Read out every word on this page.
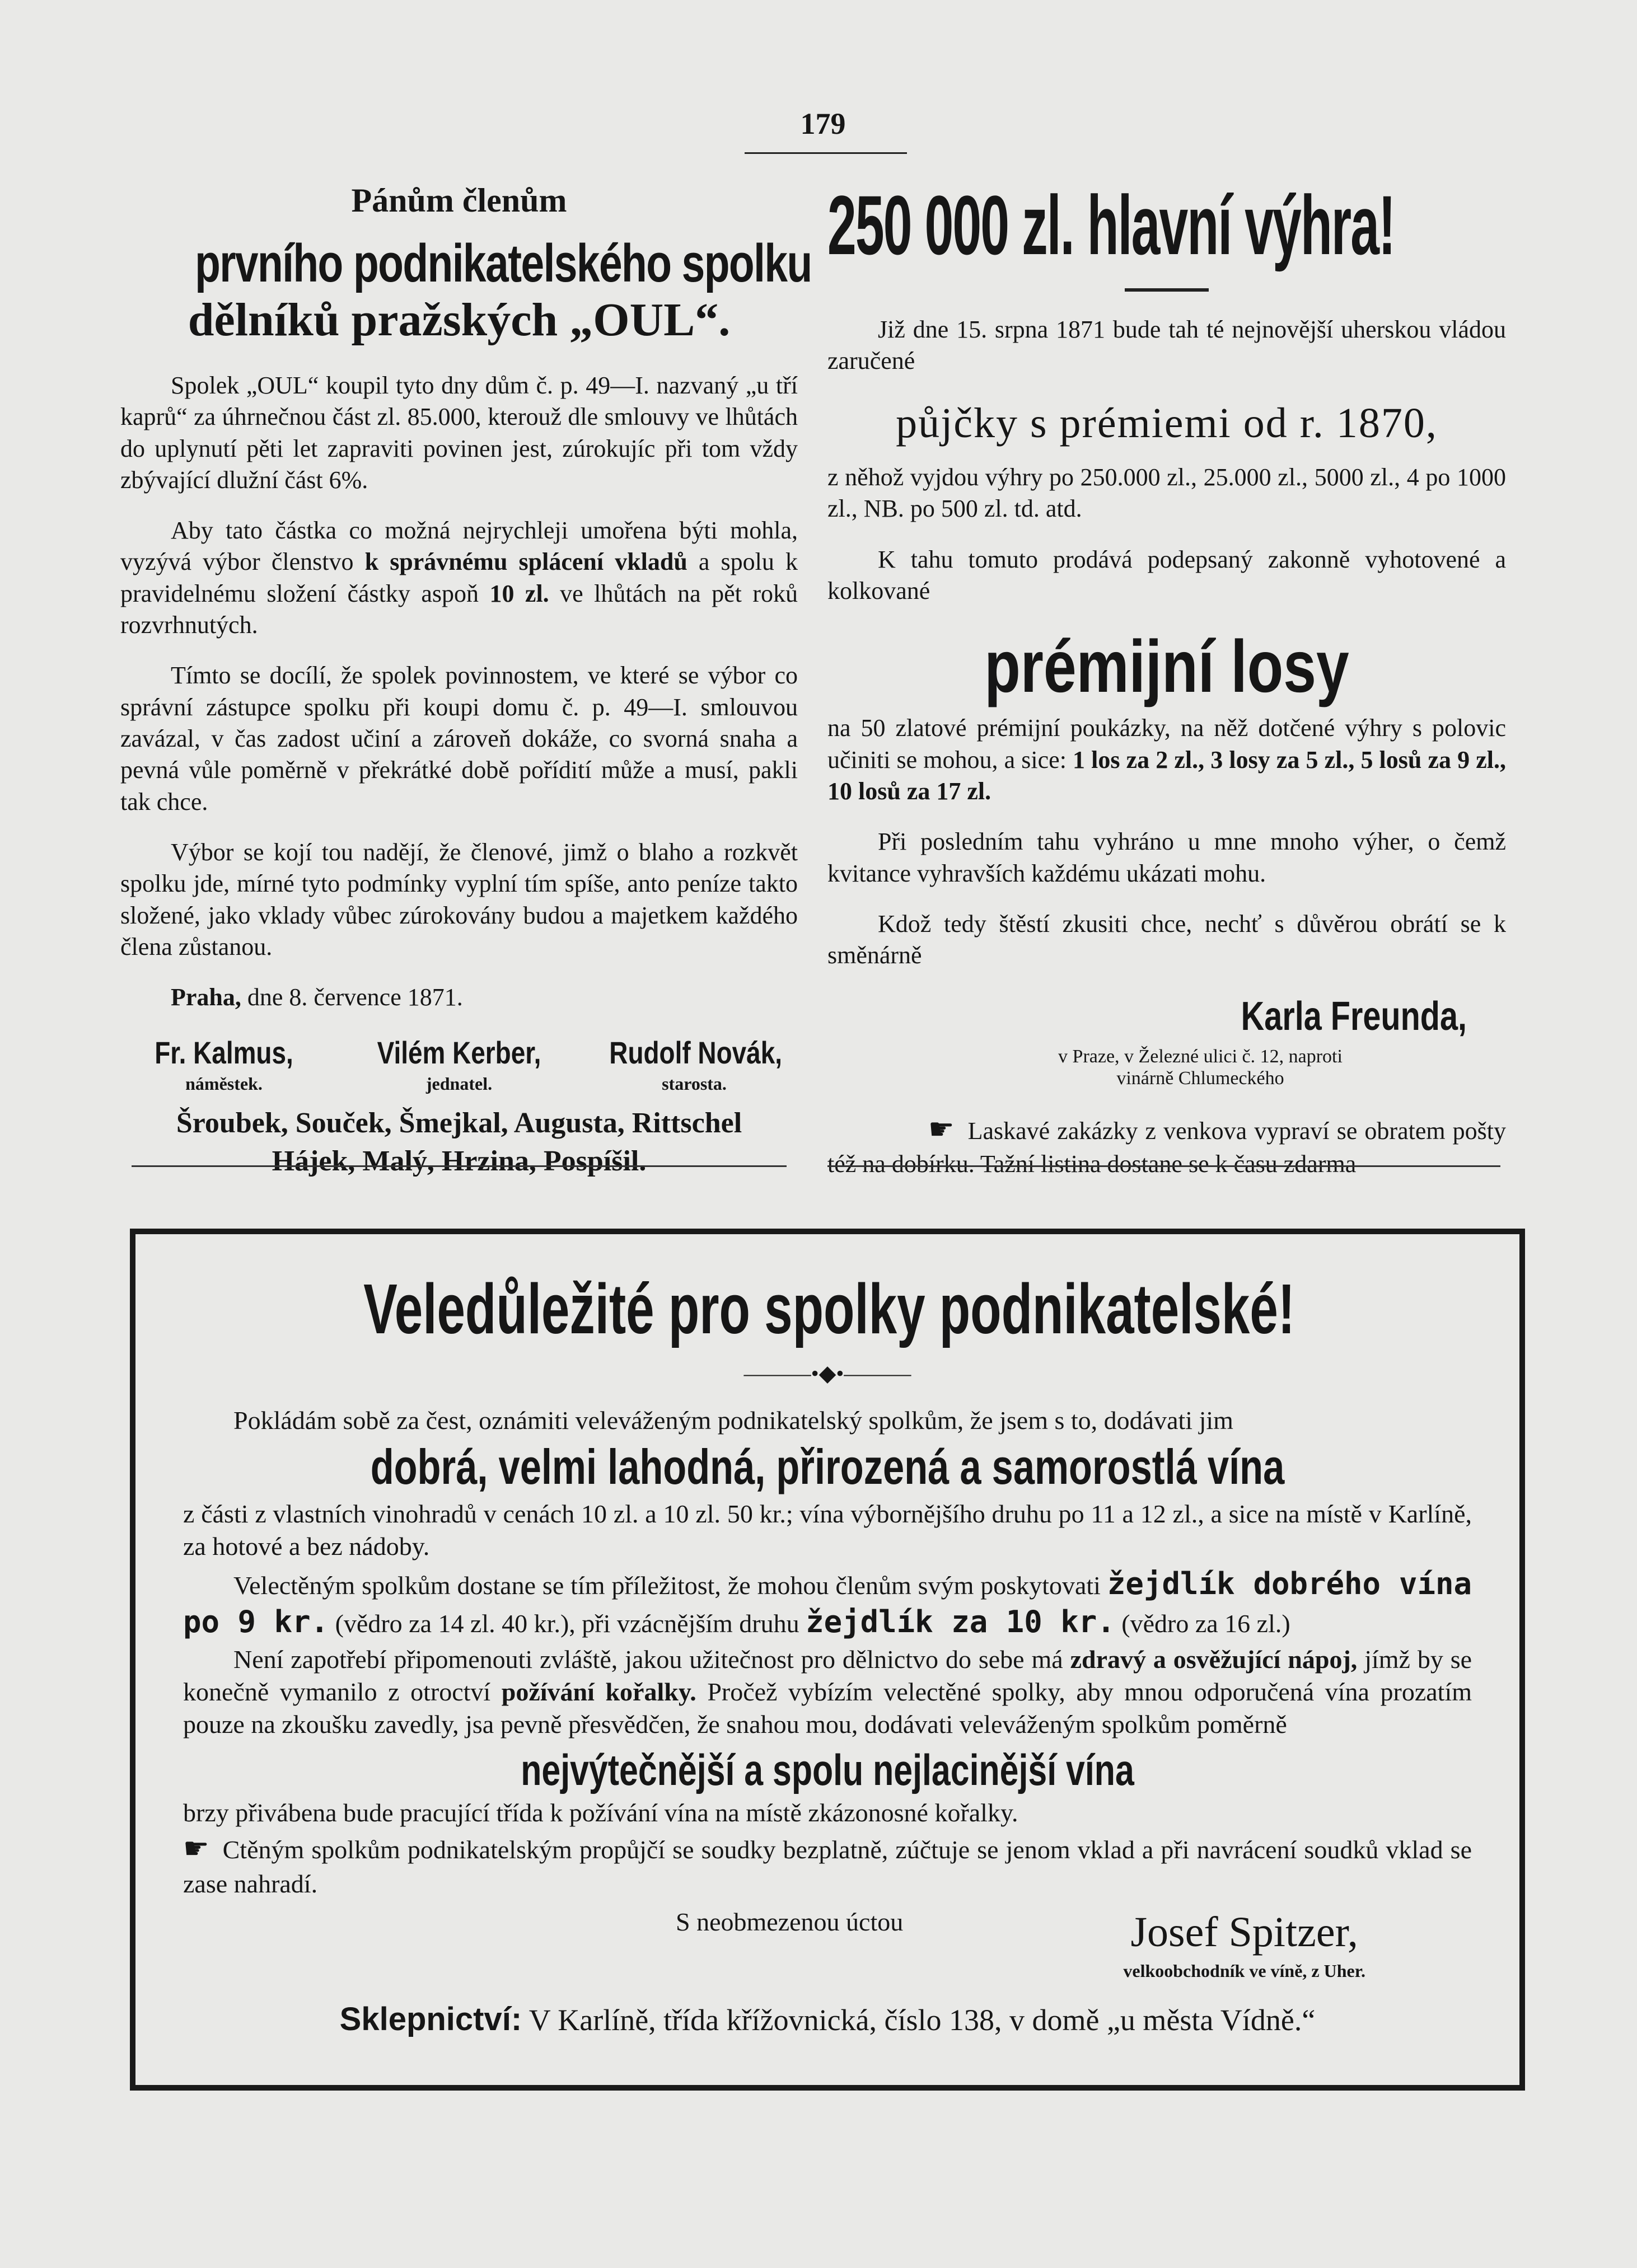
179
Pánům členům
prvního podnikatelského spolku
dělníků pražských „OUL“.

Spolek „OUL“ koupil tyto dny dům č. p. 49—I. nazvaný „u tří kaprů“ za úhrnečnou část zl. 85.000, kterouž dle smlouvy ve lhůtách do uplynutí pěti let zapraviti povinen jest, zúrokujíc při tom vždy zbývající dlužní část 6%.

Aby tato částka co možná nejrychleji umořena býti mohla, vyzývá výbor členstvo k správnému splácení vkladů a spolu k pravidelnému složení částky aspoň 10 zl. ve lhůtách na pět roků rozvrhnutých.

Tímto se docílí, že spolek povinnostem, ve které se výbor co správní zástupce spolku při koupi domu č. p. 49—I. smlouvou zavázal, v čas zadost učiní a zároveň dokáže, co svorná snaha a pevná vůle poměrně v překrátké době pořídití může a musí, pakli tak chce.

Výbor se kojí tou nadějí, že členové, jimž o blaho a rozkvět spolku jde, mírné tyto podmínky vyplní tím spíše, anto peníze takto složené, jako vklady vůbec zúrokovány budou a majetkem každého člena zůstanou.

Praha, dne 8. července 1871.

Fr. Kalmus,
náměstek.
Vilém Kerber,
jednatel.
Rudolf Novák,
starosta.
Šroubek, Souček, Šmejkal, Augusta, Rittschel
Hájek, Malý, Hrzina, Pospíšil.
250 000 zl. hlavní výhra!

Již dne 15. srpna 1871 bude tah té nejnovější uherskou vládou zaručené

půjčky s prémiemi od r. 1870,

z něhož vyjdou výhry po 250.000 zl., 25.000 zl., 5000 zl., 4 po 1000 zl., NB. po 500 zl. td. atd.

K tahu tomuto prodává podepsaný zakonně vyhotovené a kolkované

prémijní losy

na 50 zlatové prémijní poukázky, na něž dotčené výhry s polovic učiniti se mohou, a sice: 1 los za 2 zl., 3 losy za 5 zl., 5 losů za 9 zl., 10 losů za 17 zl.

Při posledním tahu vyhráno u mne mnoho výher, o čemž kvitance vyhravších každému ukázati mohu.

Kdož tedy štěstí zkusiti chce, nechť s důvěrou obrátí se k směnárně

Karla Freunda,
v Praze, v Železné ulici č. 12, naproti
vinárně Chlumeckého

☛ Laskavé zakázky z venkova vypraví se obratem pošty též na dobírku. Tažní listina dostane se k času zdarma

Veledůležité pro spolky podnikatelské!
———•◆•———

Pokládám sobě za čest, oznámiti veleváženým podnikatelský spolkům, že jsem s to, dodávati jim

dobrá, velmi lahodná, přirozená a samorostlá vína

z části z vlastních vinohradů v cenách 10 zl. a 10 zl. 50 kr.; vína výbornějšího druhu po 11 a 12 zl., a sice na místě v Karlíně, za hotové a bez nádoby.

Velectěným spolkům dostane se tím příležitost, že mohou členům svým poskytovati žejdlík dobrého vína po 9 kr. (vědro za 14 zl. 40 kr.), při vzácnějším druhu žejdlík za 10 kr. (vědro za 16 zl.)

Není zapotřebí připomenouti zvláště, jakou užitečnost pro dělnictvo do sebe má zdravý a osvěžující nápoj, jímž by se konečně vymanilo z otroctví požívání kořalky. Pročež vybízím velectěné spolky, aby mnou odporučená vína prozatím pouze na zkoušku zavedly, jsa pevně přesvědčen, že snahou mou, dodávati veleváženým spolkům poměrně

nejvýtečnější a spolu nejlacinější vína

brzy přivábena bude pracující třída k požívání vína na místě zkázonosné kořalky.

☛ Ctěným spolkům podnikatelským propůjčí se soudky bezplatně, zúčtuje se jenom vklad a při navrácení soudků vklad se zase nahradí.

S neobmezenou úctou	Josef Spitzer,
velkoobchodník ve víně, z Uher.
Sklepnictví: V Karlíně, třída křížovnická, číslo 138, v domě „u města Vídně.“
